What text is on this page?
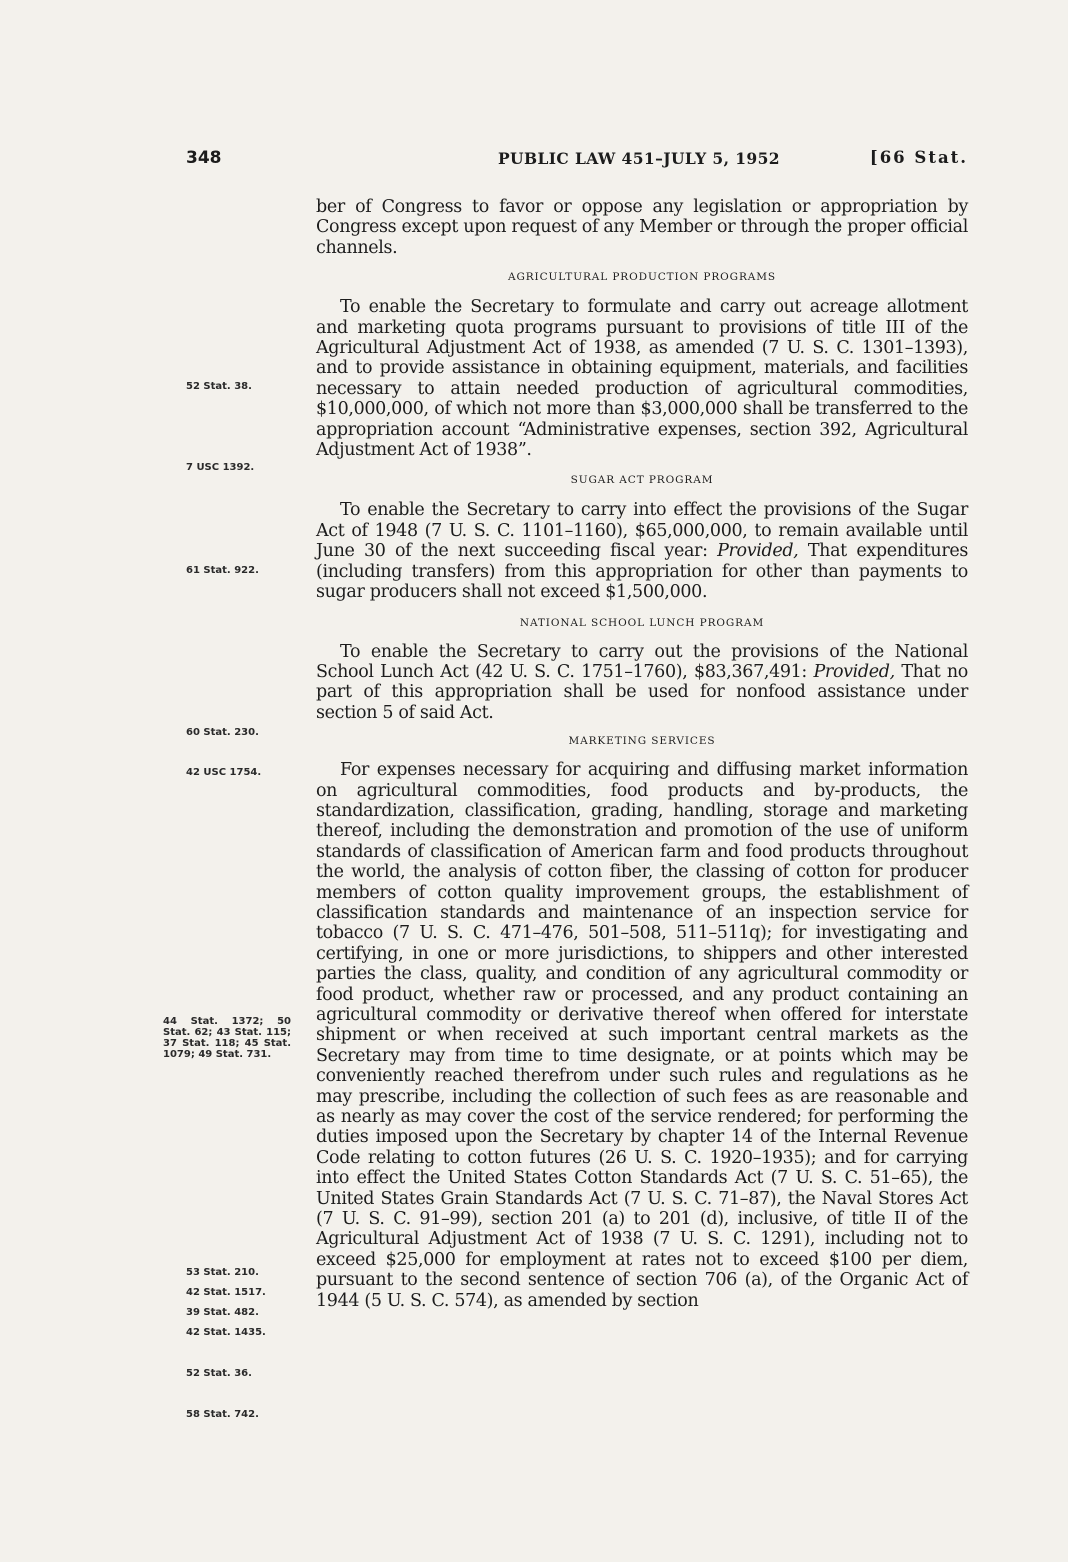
348	PUBLIC LAW 451–JULY 5, 1952	[66 Stat.
52 Stat. 38.
7 USC 1392.
61 Stat. 922.
60 Stat. 230.
42 USC 1754.
44 Stat. 1372; 50 Stat. 62; 43 Stat. 115; 37 Stat. 118; 45 Stat. 1079; 49 Stat. 731.
53 Stat. 210.
42 Stat. 1517.
39 Stat. 482.
42 Stat. 1435.
52 Stat. 36.
58 Stat. 742.

ber of Congress to favor or oppose any legislation or appropriation by Congress except upon request of any Member or through the proper official channels.

AGRICULTURAL PRODUCTION PROGRAMS

To enable the Secretary to formulate and carry out acreage allotment and marketing quota programs pursuant to provisions of title III of the Agricultural Adjustment Act of 1938, as amended (7 U. S. C. 1301–1393), and to provide assistance in obtaining equipment, materials, and facilities necessary to attain needed production of agricultural commodities, $10,000,000, of which not more than $3,000,000 shall be transferred to the appropriation account “Administrative expenses, section 392, Agricultural Adjustment Act of 1938”.

SUGAR ACT PROGRAM

To enable the Secretary to carry into effect the provisions of the Sugar Act of 1948 (7 U. S. C. 1101–1160), $65,000,000, to remain available until June 30 of the next succeeding fiscal year: Provided, That expenditures (including transfers) from this appropriation for other than payments to sugar producers shall not exceed $1,500,000.

NATIONAL SCHOOL LUNCH PROGRAM

To enable the Secretary to carry out the provisions of the National School Lunch Act (42 U. S. C. 1751–1760), $83,367,491: Provided, That no part of this appropriation shall be used for nonfood assistance under section 5 of said Act.

MARKETING SERVICES

For expenses necessary for acquiring and diffusing market information on agricultural commodities, food products and by-products, the standardization, classification, grading, handling, storage and marketing thereof, including the demonstration and promotion of the use of uniform standards of classification of American farm and food products throughout the world, the analysis of cotton fiber, the classing of cotton for producer members of cotton quality improvement groups, the establishment of classification standards and maintenance of an inspection service for tobacco (7 U. S. C. 471–476, 501–508, 511–511q); for investigating and certifying, in one or more jurisdictions, to shippers and other interested parties the class, quality, and condition of any agricultural commodity or food product, whether raw or processed, and any product containing an agricultural commodity or derivative thereof when offered for interstate shipment or when received at such important central markets as the Secretary may from time to time designate, or at points which may be conveniently reached therefrom under such rules and regulations as he may prescribe, including the collection of such fees as are reasonable and as nearly as may cover the cost of the service rendered; for performing the duties imposed upon the Secretary by chapter 14 of the Internal Revenue Code relating to cotton futures (26 U. S. C. 1920–1935); and for carrying into effect the United States Cotton Standards Act (7 U. S. C. 51–65), the United States Grain Standards Act (7 U. S. C. 71–87), the Naval Stores Act (7 U. S. C. 91–99), section 201 (a) to 201 (d), inclusive, of title II of the Agricultural Adjustment Act of 1938 (7 U. S. C. 1291), including not to exceed $25,000 for employment at rates not to exceed $100 per diem, pursuant to the second sentence of section 706 (a), of the Organic Act of 1944 (5 U. S. C. 574), as amended by section
